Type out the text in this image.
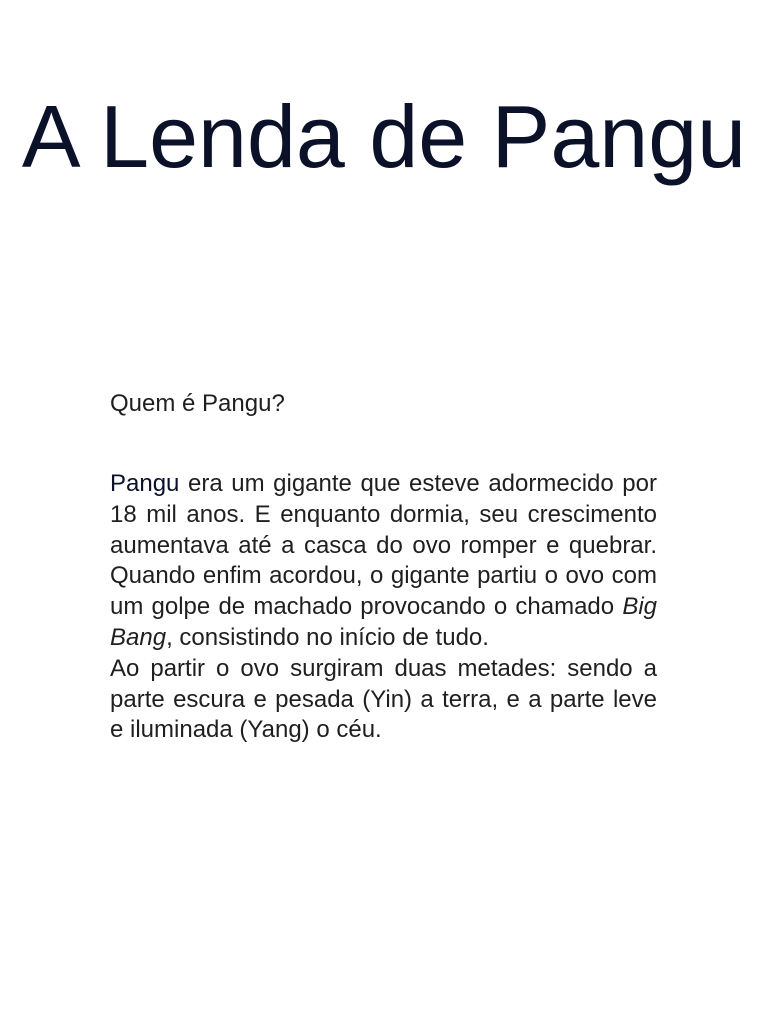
A Lenda de Pangu

Quem é Pangu?

Pangu era um gigante que esteve adormecido por 18 mil anos. E enquanto dormia, seu crescimento aumentava até a casca do ovo romper e quebrar. Quando enfim acordou, o gigante partiu o ovo com um golpe de machado provocando o chamado Big Bang, consistindo no início de tudo.

Ao partir o ovo surgiram duas metades: sendo a parte escura e pesada (Yin) a terra, e a parte leve e iluminada (Yang) o céu.
